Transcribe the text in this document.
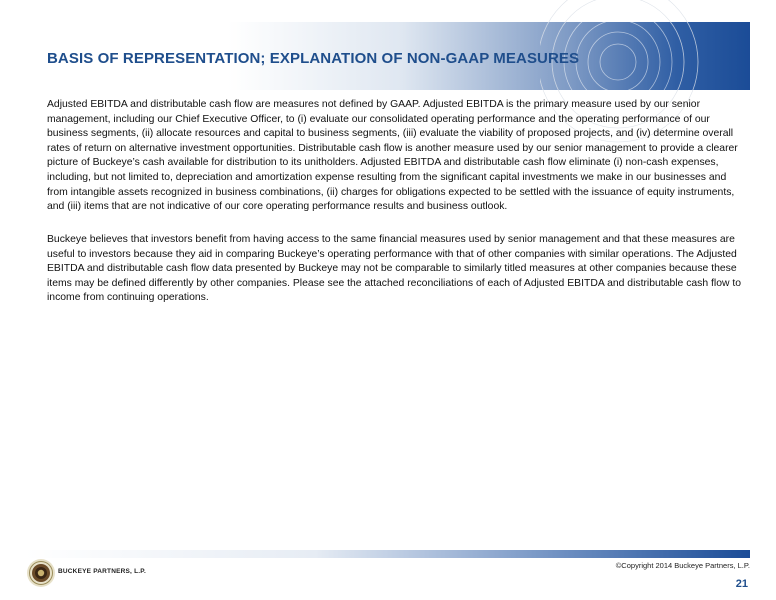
BASIS OF REPRESENTATION; EXPLANATION OF NON-GAAP MEASURES

Adjusted EBITDA and distributable cash flow are measures not defined by GAAP. Adjusted EBITDA is the primary measure used by our senior management, including our Chief Executive Officer, to (i) evaluate our consolidated operating performance and the operating performance of our business segments, (ii) allocate resources and capital to business segments, (iii) evaluate the viability of proposed projects, and (iv) determine overall rates of return on alternative investment opportunities. Distributable cash flow is another measure used by our senior management to provide a clearer picture of Buckeye’s cash available for distribution to its unitholders. Adjusted EBITDA and distributable cash flow eliminate (i) non-cash expenses, including, but not limited to, depreciation and amortization expense resulting from the significant capital investments we make in our businesses and from intangible assets recognized in business combinations, (ii) charges for obligations expected to be settled with the issuance of equity instruments, and (iii) items that are not indicative of our core operating performance results and business outlook.

Buckeye believes that investors benefit from having access to the same financial measures used by senior management and that these measures are useful to investors because they aid in comparing Buckeye’s operating performance with that of other companies with similar operations. The Adjusted EBITDA and distributable cash flow data presented by Buckeye may not be comparable to similarly titled measures at other companies because these items may be defined differently by other companies. Please see the attached reconciliations of each of Adjusted EBITDA and distributable cash flow to income from continuing operations.

BUCKEYE PARTNERS, L.P.
©Copyright 2014 Buckeye Partners, L.P.
21
